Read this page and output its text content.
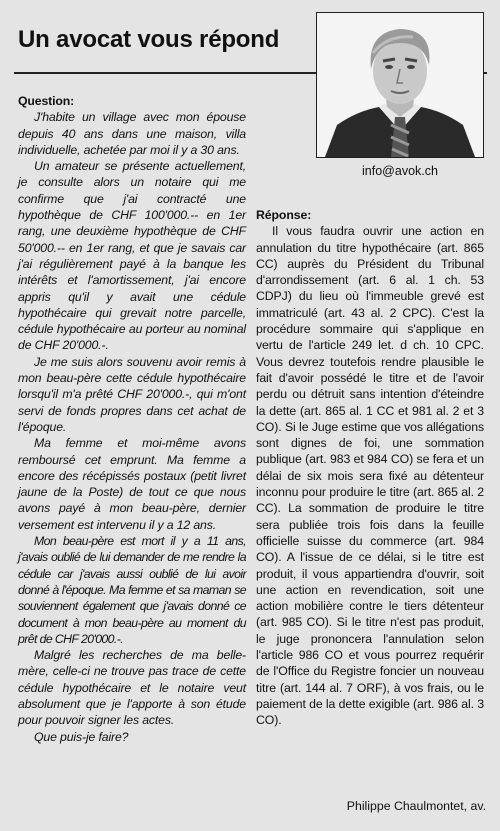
Un avocat vous répond
info@avok.ch

Question:

J'habite un village avec mon épouse depuis 40 ans dans une maison, villa individuelle, achetée par moi il y a 30 ans.

Un amateur se présente actuellement, je consulte alors un notaire qui me confirme que j'ai contracté une hypothèque de CHF 100'000.-- en 1er rang, une deuxième hypothèque de CHF 50'000.-- en 1er rang, et que je savais car j'ai régulièrement payé à la banque les intérêts et l'amortissement, j'ai encore appris qu'il y avait une cédule hypothécaire qui grevait notre parcelle, cédule hypothécaire au porteur au nominal de CHF 20'000.-.

Je me suis alors souvenu avoir remis à mon beau-père cette cédule hypothécaire lorsqu'il m'a prêté CHF 20'000.-, qui m'ont servi de fonds propres dans cet achat de l'époque.

Ma femme et moi-même avons remboursé cet emprunt. Ma femme a encore des récépissés postaux (petit livret jaune de la Poste) de tout ce que nous avons payé à mon beau-père, dernier versement est intervenu il y a 12 ans.

Mon beau-père est mort il y a 11 ans, j'avais oublié de lui demander de me rendre la cédule car j'avais aussi oublié de lui avoir donné à l'époque. Ma femme et sa maman se souviennent également que j'avais donné ce document à mon beau-père au moment du prêt de CHF 20'000.-.

Malgré les recherches de ma belle-mère, celle-ci ne trouve pas trace de cette cédule hypothécaire et le notaire veut absolument que je l'apporte à son étude pour pouvoir signer les actes.

Que puis-je faire?

Réponse:

Il vous faudra ouvrir une action en annulation du titre hypothécaire (art. 865 CC) auprès du Président du Tribunal d'arrondissement (art. 6 al. 1 ch. 53 CDPJ) du lieu où l'immeuble grevé est immatriculé (art. 43 al. 2 CPC). C'est la procédure sommaire qui s'applique en vertu de l'article 249 let. d ch. 10 CPC. Vous devrez toutefois rendre plausible le fait d'avoir possédé le titre et de l'avoir perdu ou détruit sans intention d'éteindre la dette (art. 865 al. 1 CC et 981 al. 2 et 3 CO). Si le Juge estime que vos allégations sont dignes de foi, une sommation publique (art. 983 et 984 CO) se fera et un délai de six mois sera fixé au détenteur inconnu pour produire le titre (art. 865 al. 2 CC). La sommation de produire le titre sera publiée trois fois dans la feuille officielle suisse du commerce (art. 984 CO). A l'issue de ce délai, si le titre est produit, il vous appartiendra d'ouvrir, soit une action en revendication, soit une action mobilière contre le tiers détenteur (art. 985 CO). Si le titre n'est pas produit, le juge prononcera l'annulation selon l'article 986 CO et vous pourrez requérir de l'Office du Registre foncier un nouveau titre (art. 144 al. 7 ORF), à vos frais, ou le paiement de la dette exigible (art. 986 al. 3 CO).

Philippe Chaulmontet, av.
